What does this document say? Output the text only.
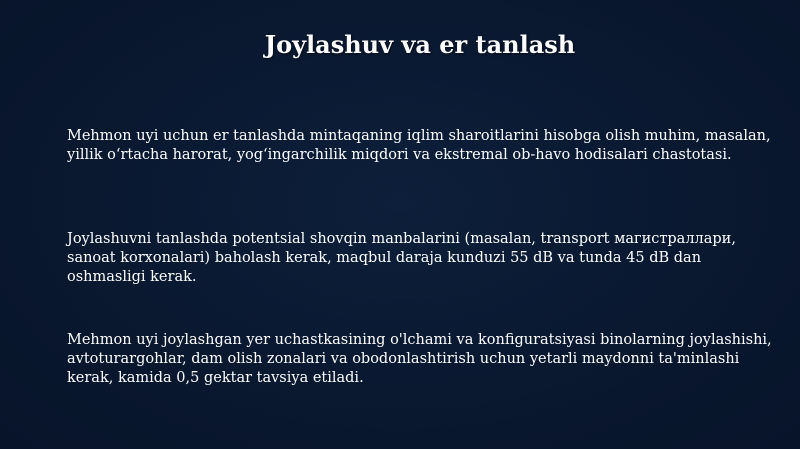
Joylashuv va er tanlash
Mehmon uyi uchun er tanlashda mintaqaning iqlim sharoitlarini hisobga olish muhim, masalan, yillik o‘rtacha harorat, yog‘ingarchilik miqdori va ekstremal ob-havo hodisalari chastotasi.
Joylashuvni tanlashda potentsial shovqin manbalarini (masalan, transport магистраллари, sanoat korxonalari) baholash kerak, maqbul daraja kunduzi 55 dB va tunda 45 dB dan oshmasligi kerak.
Mehmon uyi joylashgan yer uchastkasining o'lchami va konfiguratsiyasi binolarning joylashishi, avtoturargohlar, dam olish zonalari va obodonlashtirish uchun yetarli maydonni ta'minlashi kerak, kamida 0,5 gektar tavsiya etiladi.
